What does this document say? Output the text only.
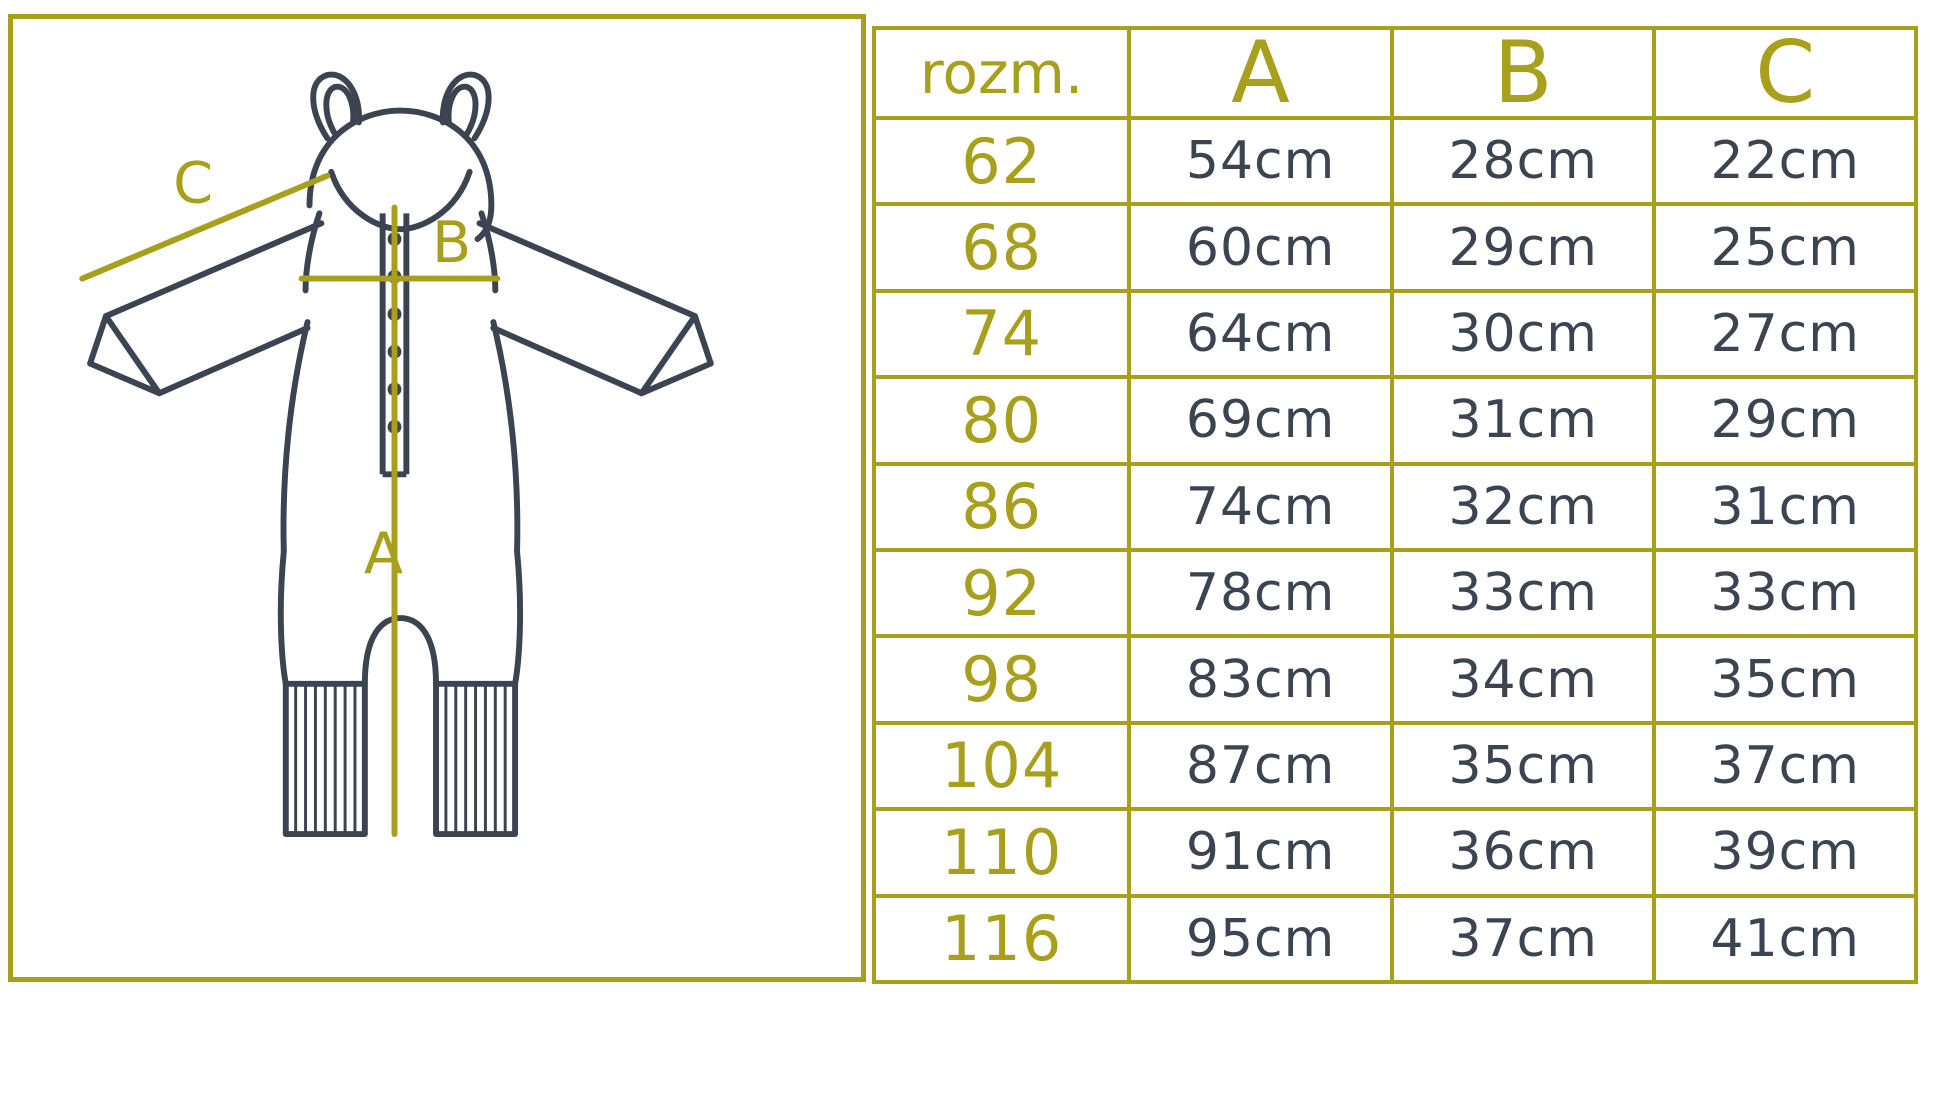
A
B
C
rozm.	A	B	C
62	54cm	28cm	22cm
68	60cm	29cm	25cm
74	64cm	30cm	27cm
80	69cm	31cm	29cm
86	74cm	32cm	31cm
92	78cm	33cm	33cm
98	83cm	34cm	35cm
104	87cm	35cm	37cm
110	91cm	36cm	39cm
116	95cm	37cm	41cm
